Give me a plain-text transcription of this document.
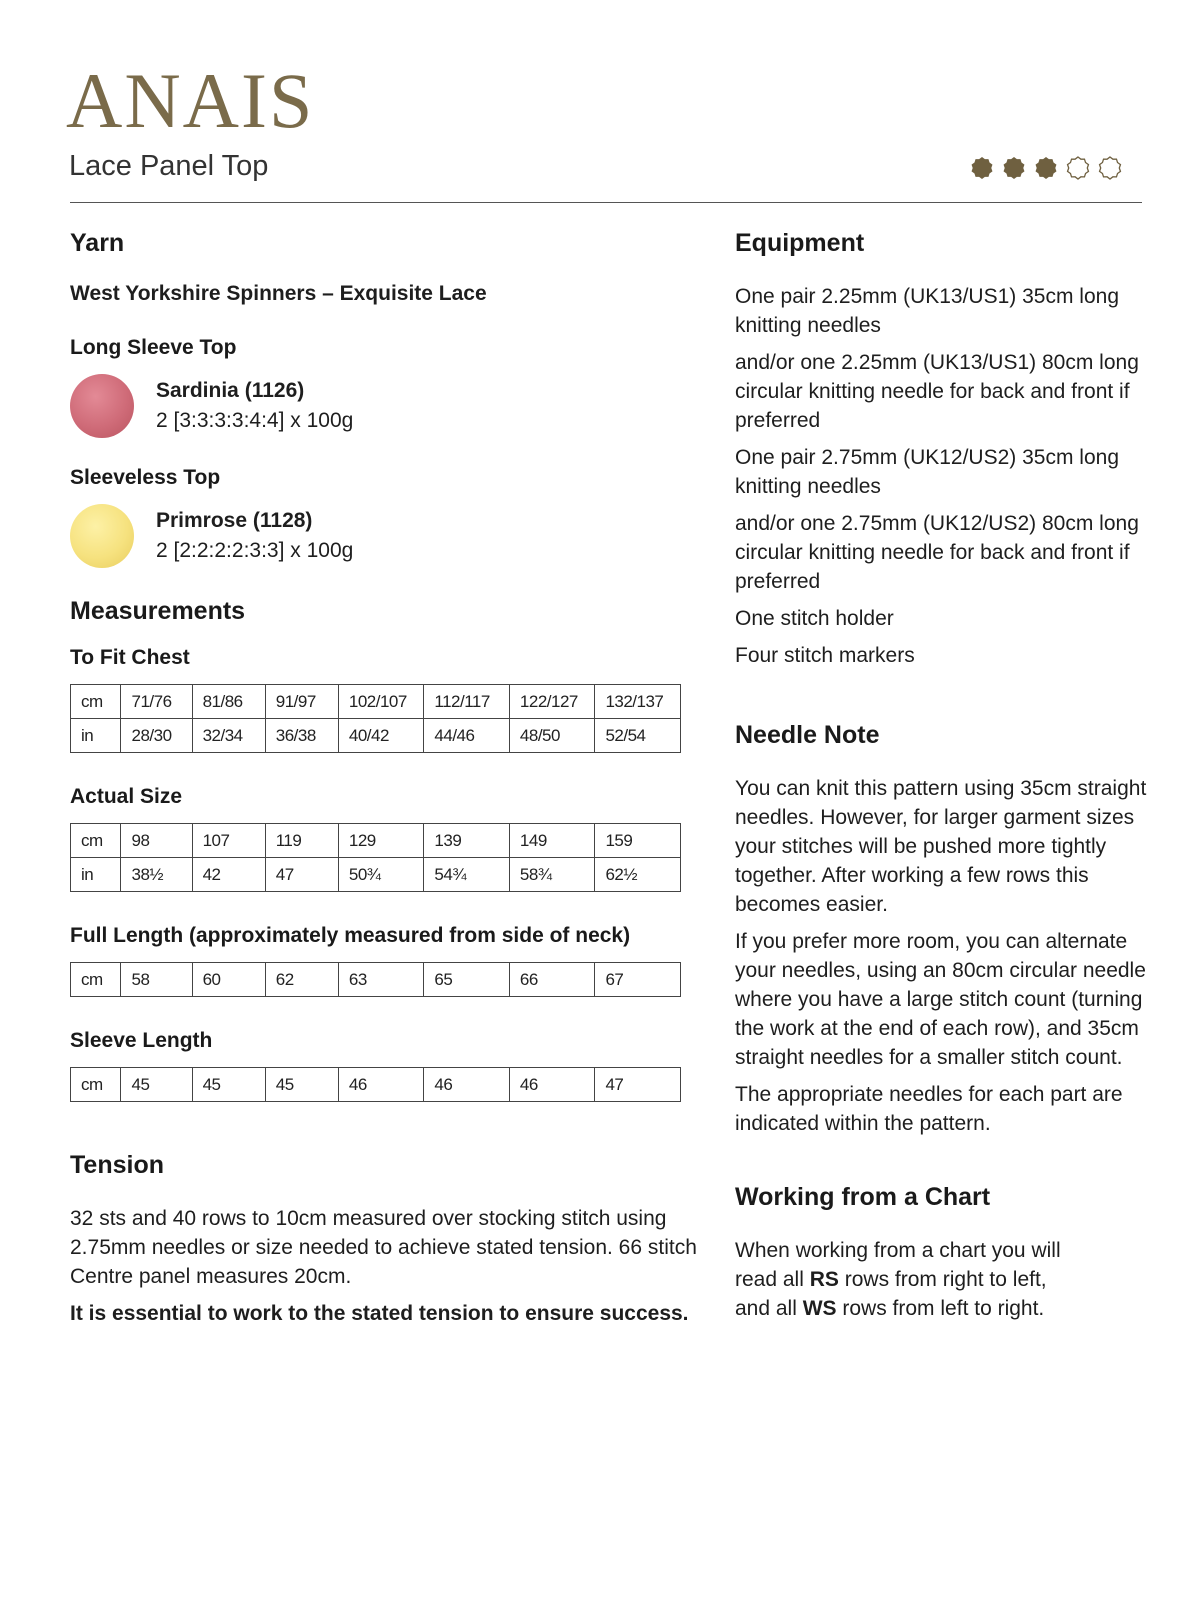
ANAIS
Lace Panel Top
Yarn
West Yorkshire Spinners – Exquisite Lace
Long Sleeve Top
Sardinia (1126)
2 [3:3:3:3:4:4] x 100g
Sleeveless Top
Primrose (1128)
2 [2:2:2:2:3:3] x 100g
Measurements
To Fit Chest
cm	71/76	81/86	91/97	102/107	112/117	122/127	132/137
in	28/30	32/34	36/38	40/42	44/46	48/50	52/54
Actual Size
cm	98	107	119	129	139	149	159
in	38½	42	47	50¾	54¾	58¾	62½
Full Length (approximately measured from side of neck)
cm	58	60	62	63	65	66	67
Sleeve Length
cm	45	45	45	46	46	46	47
Tension

32 sts and 40 rows to 10cm measured over stocking stitch using 2.75mm needles or size needed to achieve stated tension. 66 stitch Centre panel measures 20cm.

It is essential to work to the stated tension to ensure success.

Equipment

One pair 2.25mm (UK13/US1) 35cm long knitting needles

and/or one 2.25mm (UK13/US1) 80cm long circular knitting needle for back and front if preferred

One pair 2.75mm (UK12/US2) 35cm long knitting needles

and/or one 2.75mm (UK12/US2) 80cm long circular knitting needle for back and front if preferred

One stitch holder

Four stitch markers

Needle Note

You can knit this pattern using 35cm straight needles. However, for larger garment sizes your stitches will be pushed more tightly together. After working a few rows this becomes easier.

If you prefer more room, you can alternate your needles, using an 80cm circular needle where you have a large stitch count (turning the work at the end of each row), and 35cm straight needles for a smaller stitch count.

The appropriate needles for each part are indicated within the pattern.

Working from a Chart

When working from a chart you will

read all RS rows from right to left,

and all WS rows from left to right.
